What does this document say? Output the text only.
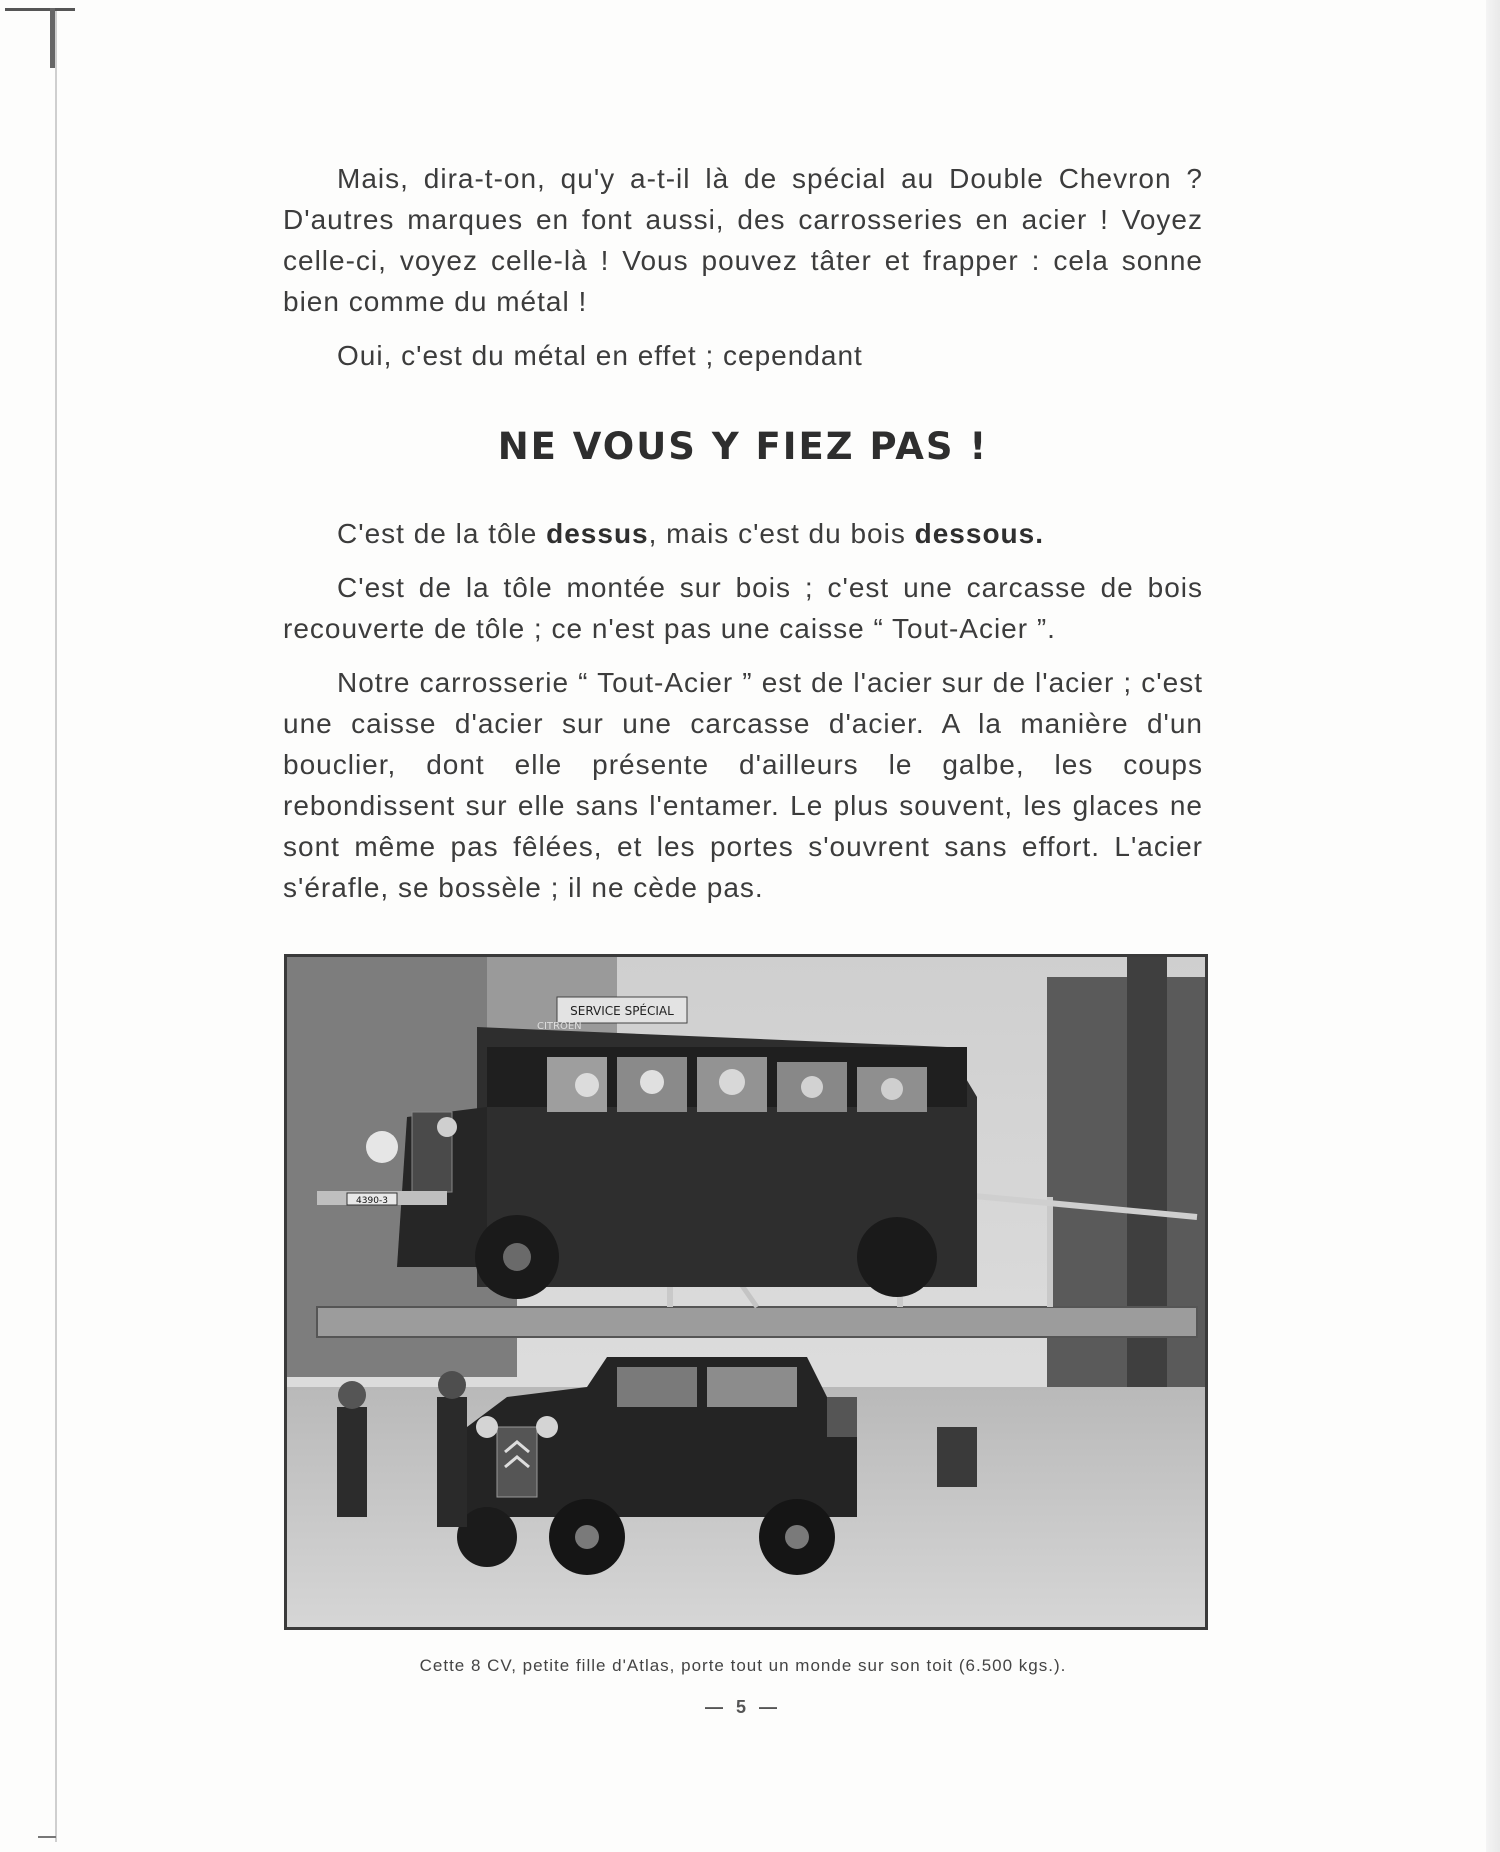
Mais, dira-t-on, qu'y a-t-il là de spécial au Double Chevron ? D'autres marques en font aussi, des carrosseries en acier ! Voyez celle-ci, voyez celle-là ! Vous pouvez tâter et frapper : cela sonne bien comme du métal !

Oui, c'est du métal en effet ; cependant

NE VOUS Y FIEZ PAS !

C'est de la tôle dessus, mais c'est du bois dessous.

C'est de la tôle montée sur bois ; c'est une carcasse de bois recouverte de tôle ; ce n'est pas une caisse “ Tout-Acier ”.

Notre carrosserie “ Tout-Acier ” est de l'acier sur de l'acier ; c'est une caisse d'acier sur une carcasse d'acier. A la manière d'un bouclier, dont elle présente d'ailleurs le galbe, les coups rebondissent sur elle sans l'entamer. Le plus souvent, les glaces ne sont même pas fêlées, et les portes s'ouvrent sans effort. L'acier s'érafle, se bossèle ; il ne cède pas.

SERVICE SPÉCIAL
CITROËN
4390-3
Cette 8 CV, petite fille d'Atlas, porte tout un monde sur son toit (6.500 kgs.).
— 5 —
